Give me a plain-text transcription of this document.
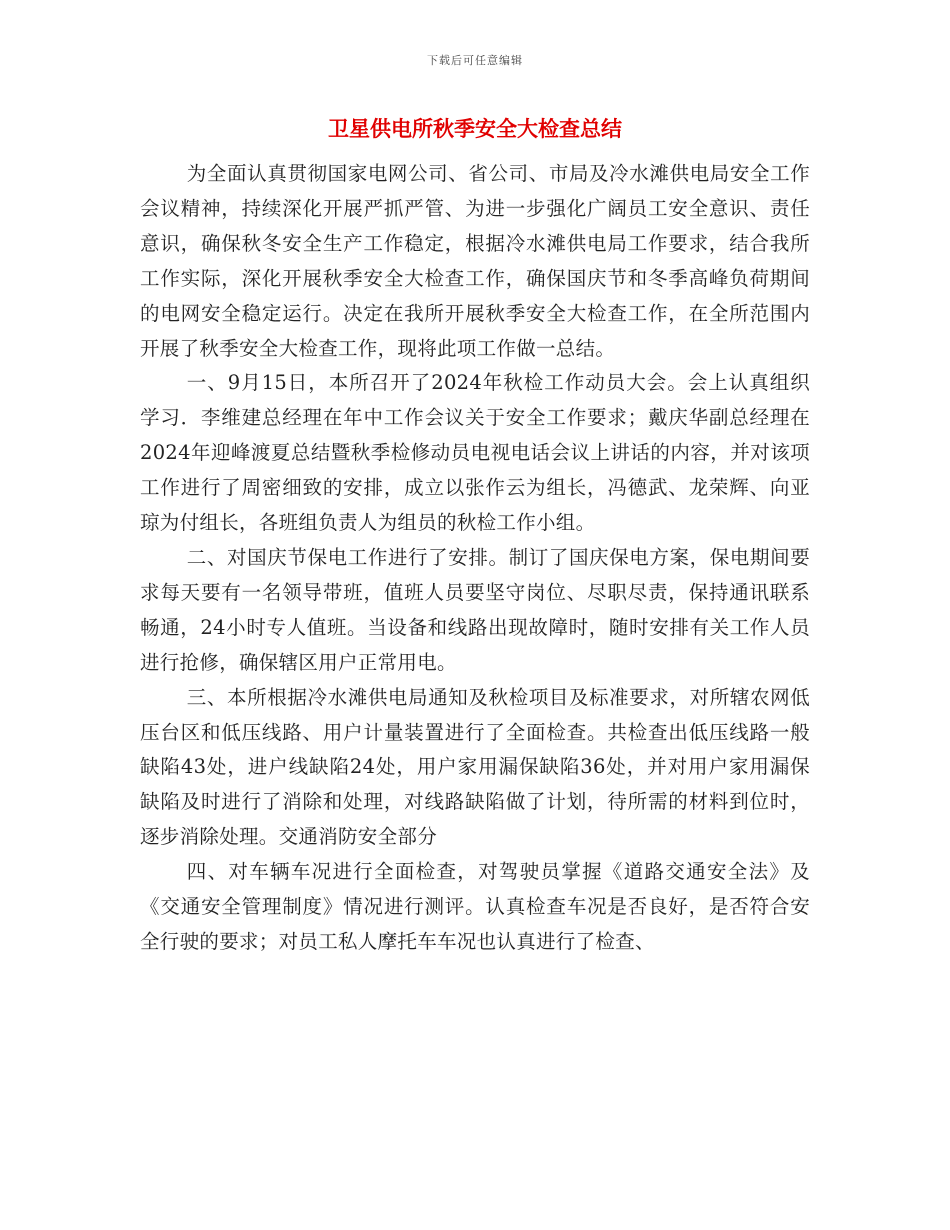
下载后可任意编辑
卫星供电所秋季安全大检查总结

为全面认真贯彻国家电网公司、省公司、市局及冷水滩供电局安全工作会议精神，持续深化开展严抓严管、为进一步强化广阔员工安全意识、责任意识，确保秋冬安全生产工作稳定，根据冷水滩供电局工作要求，结合我所工作实际，深化开展秋季安全大检查工作，确保国庆节和冬季高峰负荷期间的电网安全稳定运行。决定在我所开展秋季安全大检查工作，在全所范围内开展了秋季安全大检查工作，现将此项工作做一总结。

一、9月15日，本所召开了2024年秋检工作动员大会。会上认真组织学习．李维建总经理在年中工作会议关于安全工作要求；戴庆华副总经理在2024年迎峰渡夏总结暨秋季检修动员电视电话会议上讲话的内容，并对该项工作进行了周密细致的安排，成立以张作云为组长，冯德武、龙荣辉、向亚琼为付组长，各班组负责人为组员的秋检工作小组。

二、对国庆节保电工作进行了安排。制订了国庆保电方案，保电期间要求每天要有一名领导带班，值班人员要坚守岗位、尽职尽责，保持通讯联系畅通，24小时专人值班。当设备和线路出现故障时，随时安排有关工作人员进行抢修，确保辖区用户正常用电。

三、本所根据冷水滩供电局通知及秋检项目及标准要求，对所辖农网低压台区和低压线路、用户计量装置进行了全面检查。共检查出低压线路一般缺陷43处，进户线缺陷24处，用户家用漏保缺陷36处，并对用户家用漏保缺陷及时进行了消除和处理，对线路缺陷做了计划，待所需的材料到位时，逐步消除处理。交通消防安全部分

四、对车辆车况进行全面检查，对驾驶员掌握《道路交通安全法》及《交通安全管理制度》情况进行测评。认真检查车况是否良好，是否符合安全行驶的要求；对员工私人摩托车车况也认真进行了检查、
